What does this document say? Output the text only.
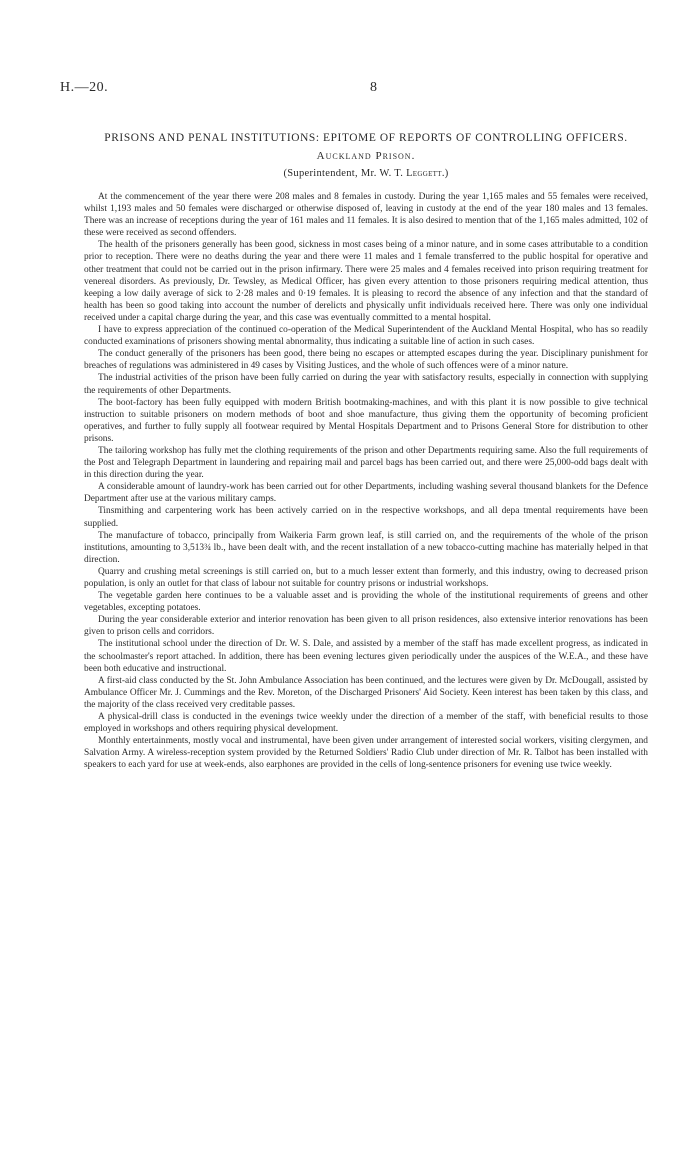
H.—20.	8
PRISONS AND PENAL INSTITUTIONS: EPITOME OF REPORTS OF CONTROLLING OFFICERS.
Auckland Prison.
(Superintendent, Mr. W. T. Leggett.)

At the commencement of the year there were 208 males and 8 females in custody. During the year 1,165 males and 55 females were received, whilst 1,193 males and 50 females were discharged or otherwise disposed of, leaving in custody at the end of the year 180 males and 13 females. There was an increase of receptions during the year of 161 males and 11 females. It is also desired to mention that of the 1,165 males admitted, 102 of these were received as second offenders.

The health of the prisoners generally has been good, sickness in most cases being of a minor nature, and in some cases attributable to a condition prior to reception. There were no deaths during the year and there were 11 males and 1 female transferred to the public hospital for operative and other treatment that could not be carried out in the prison infirmary. There were 25 males and 4 females received into prison requiring treatment for venereal disorders. As previously, Dr. Tewsley, as Medical Officer, has given every attention to those prisoners requiring medical attention, thus keeping a low daily average of sick to 2·28 males and 0·19 females. It is pleasing to record the absence of any infection and that the standard of health has been so good taking into account the number of derelicts and physically unfit individuals received here. There was only one individual received under a capital charge during the year, and this case was eventually committed to a mental hospital.

I have to express appreciation of the continued co-operation of the Medical Superintendent of the Auckland Mental Hospital, who has so readily conducted examinations of prisoners showing mental abnormality, thus indicating a suitable line of action in such cases.

The conduct generally of the prisoners has been good, there being no escapes or attempted escapes during the year. Disciplinary punishment for breaches of regulations was administered in 49 cases by Visiting Justices, and the whole of such offences were of a minor nature.

The industrial activities of the prison have been fully carried on during the year with satisfactory results, especially in connection with supplying the requirements of other Departments.

The boot-factory has been fully equipped with modern British bootmaking-machines, and with this plant it is now possible to give technical instruction to suitable prisoners on modern methods of boot and shoe manufacture, thus giving them the opportunity of becoming proficient operatives, and further to fully supply all footwear required by Mental Hospitals Department and to Prisons General Store for distribution to other prisons.

The tailoring workshop has fully met the clothing requirements of the prison and other Departments requiring same. Also the full requirements of the Post and Telegraph Department in laundering and repairing mail and parcel bags has been carried out, and there were 25,000-odd bags dealt with in this direction during the year.

A considerable amount of laundry-work has been carried out for other Departments, including washing several thousand blankets for the Defence Department after use at the various military camps.

Tinsmithing and carpentering work has been actively carried on in the respective workshops, and all depa tmental requirements have been supplied.

The manufacture of tobacco, principally from Waikeria Farm grown leaf, is still carried on, and the requirements of the whole of the prison institutions, amounting to 3,513¾ lb., have been dealt with, and the recent installation of a new tobacco-cutting machine has materially helped in that direction.

Quarry and crushing metal screenings is still carried on, but to a much lesser extent than formerly, and this industry, owing to decreased prison population, is only an outlet for that class of labour not suitable for country prisons or industrial workshops.

The vegetable garden here continues to be a valuable asset and is providing the whole of the institutional requirements of greens and other vegetables, excepting potatoes.

During the year considerable exterior and interior renovation has been given to all prison residences, also extensive interior renovations has been given to prison cells and corridors.

The institutional school under the direction of Dr. W. S. Dale, and assisted by a member of the staff has made excellent progress, as indicated in the schoolmaster's report attached. In addition, there has been evening lectures given periodically under the auspices of the W.E.A., and these have been both educative and instructional.

A first-aid class conducted by the St. John Ambulance Association has been continued, and the lectures were given by Dr. McDougall, assisted by Ambulance Officer Mr. J. Cummings and the Rev. Moreton, of the Discharged Prisoners' Aid Society. Keen interest has been taken by this class, and the majority of the class received very creditable passes.

A physical-drill class is conducted in the evenings twice weekly under the direction of a member of the staff, with beneficial results to those employed in workshops and others requiring physical development.

Monthly entertainments, mostly vocal and instrumental, have been given under arrangement of interested social workers, visiting clergymen, and Salvation Army. A wireless-reception system provided by the Returned Soldiers' Radio Club under direction of Mr. R. Talbot has been installed with speakers to each yard for use at week-ends, also earphones are provided in the cells of long-sentence prisoners for evening use twice weekly.
